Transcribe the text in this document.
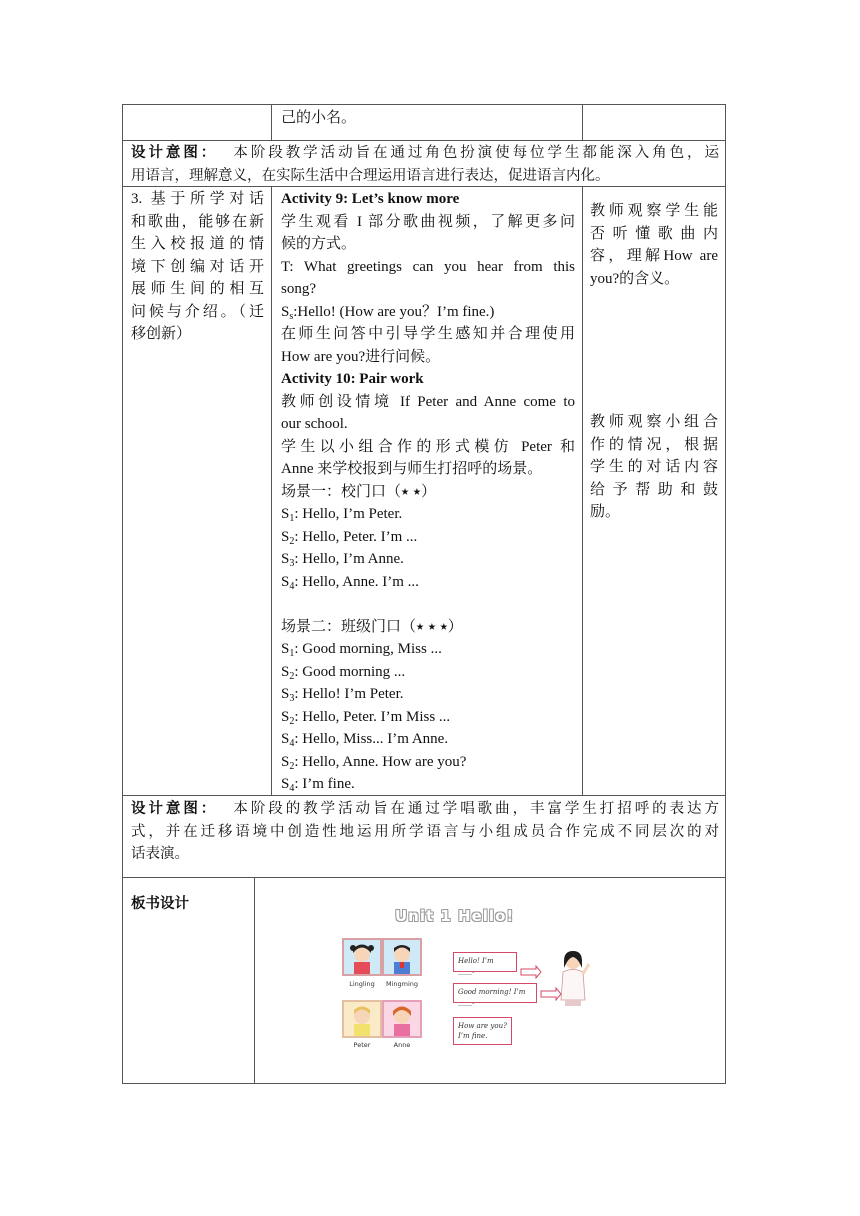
己的小名。
设计意图： 本阶段教学活动旨在通过角色扮演使每位学生都能深入角色，运
用语言，理解意义，在实际生活中合理运用语言进行表达，促进语言内化。
3. 基于所学对话
和歌曲，能够在新
生入校报道的情
境下创编对话开
展师生间的相互
问候与介绍。（迁
移创新）
Activity 9: Let’s know more
学生观看 I 部分歌曲视频，了解更多问
候的方式。
T: What greetings can you hear from this
song?
$S_s:Hello$! (How are you？I’m fine.)
在师生问答中引导学生感知并合理使用
How are you?进行问候。
Activity 10: Pair work
教师创设情境 If Peter and Anne come to
our school.
学生以小组合作的形式模仿 Peter 和
Anne 来学校报到与师生打招呼的场景。
场景一：校门口（⭑ ⭑）
$S_1$: Hello, I’m Peter.
$S_2$: Hello, Peter. I’m ...
$S_3$: Hello, I’m Anne.
$S_4$: Hello, Anne. I’m ...

场景二：班级门口（⭑ ⭑ ⭑）
$S_1$: Good morning, Miss ...
$S_2$: Good morning ...
$S_3$: Hello! I’m Peter.
$S_2$: Hello, Peter. I’m Miss ...
$S_4$: Hello, Miss... I’m Anne.
$S_2$: Hello, Anne. How are you?
$S_4$: I’m fine.
教师观察学生能
否听懂歌曲内
容，理解How are
you?的含义。
教师观察小组合
作的情况，根据
学生的对话内容
给予帮助和鼓
励。
设计意图： 本阶段的教学活动旨在通过学唱歌曲，丰富学生打招呼的表达方
式，并在迁移语境中创造性地运用所学语言与小组成员合作完成不同层次的对
话表演。
板书设计
Unit 1 Hello!
Lingling	Mingming
Peter	Anne
Hello! I’m ____.
Good morning! I’m ____.
How are you?
I’m fine.
